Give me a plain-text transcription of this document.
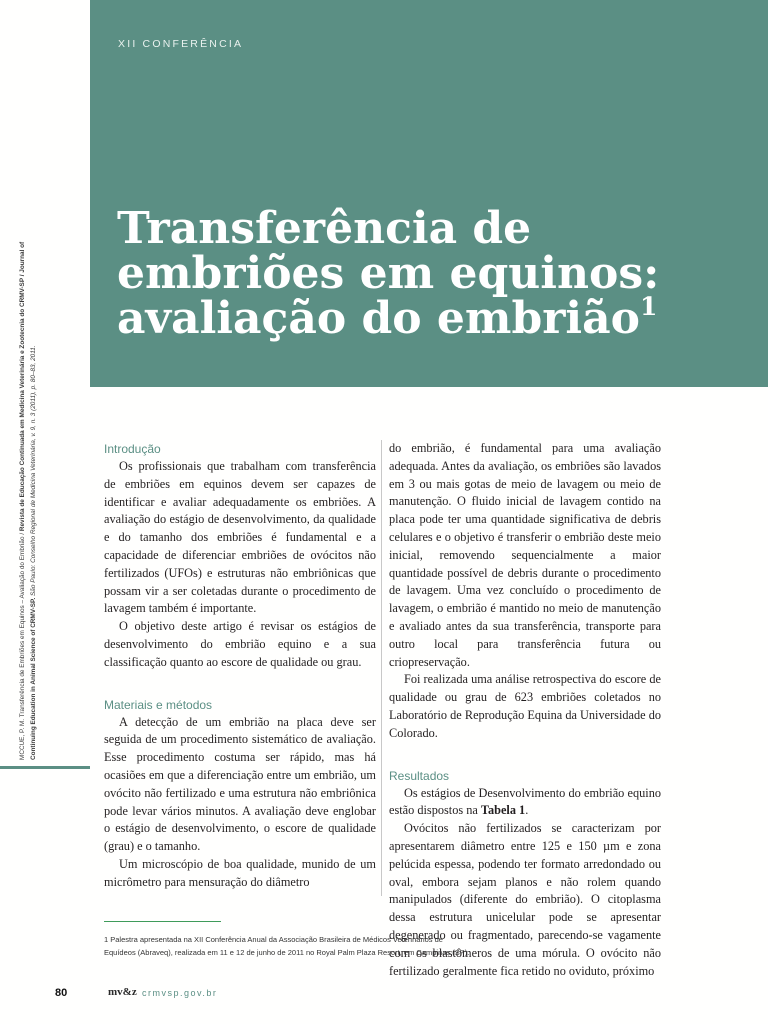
XII CONFERÊNCIA
Transferência de
embriões em equinos:
avaliação do embrião$^1$
MCCUE, P. M. Transferência de Embriões em Equinos – Avaliação do Embrião / Revista de Educação Continuada em Medicina Veterinária e Zootecnia do CRMV-SP / Journal of
Continuing Education in Animal Science of CRMV-SP. São Paulo: Conselho Regional de Medicina Veterinária, v. 9, n. 3 (2011), p. 80–83, 2011.	Introdução

Os profissionais que trabalham com transferência de embriões em equinos devem ser capazes de identificar e avaliar adequadamente os embriões. A avaliação do estágio de desenvolvimento, da qualidade e do tamanho dos embriões é fundamental e a capacidade de diferenciar embriões de ovócitos não fertilizados (UFOs) e estruturas não embriônicas que possam vir a ser coletadas durante o procedimento de lavagem também é importante.

O objetivo deste artigo é revisar os estágios de desenvolvimento do embrião equino e a sua classificação quanto ao escore de qualidade ou grau.

Materiais e métodos

A detecção de um embrião na placa deve ser seguida de um procedimento sistemático de avaliação. Esse procedimento costuma ser rápido, mas há ocasiões em que a diferenciação entre um embrião, um ovócito não fertilizado e uma estrutura não embriônica pode levar vários minutos. A avaliação deve englobar o estágio de desenvolvimento, o escore de qualidade (grau) e o tamanho.

Um microscópio de boa qualidade, munido de um micrômetro para mensuração do diâmetro

do embrião, é fundamental para uma avaliação adequada. Antes da avaliação, os embriões são lavados em 3 ou mais gotas de meio de lavagem ou meio de manutenção. O fluido inicial de lavagem contido na placa pode ter uma quantidade significativa de debris celulares e o objetivo é transferir o embrião deste meio inicial, removendo sequencialmente a maior quantidade possível de debris durante o procedimento de lavagem. Uma vez concluído o procedimento de lavagem, o embrião é mantido no meio de manutenção e avaliado antes da sua transferência, transporte para outro local para transferência futura ou criopreservação.

Foi realizada uma análise retrospectiva do escore de qualidade ou grau de 623 embriões coletados no Laboratório de Reprodução Equina da Universidade do Colorado.

Resultados

Os estágios de Desenvolvimento do embrião equino estão dispostos na Tabela 1.

Ovócitos não fertilizados se caracterizam por apresentarem diâmetro entre 125 e 150 µm e zona pelúcida espessa, podendo ter formato arredondado ou oval, embora sejam planos e não rolem quando manipulados (diferente do embrião). O citoplasma dessa estrutura unicelular pode se apresentar degenerado ou fragmentado, parecendo-se vagamente com os blastômeros de uma mórula. O ovócito não fertilizado geralmente fica retido no oviduto, próximo

1 Palestra apresentada na XII Conferência Anual da Associação Brasileira de Médicos Veterinários de
Equídeos (Abraveq), realizada em 11 e 12 de junho de 2011 no Royal Palm Plaza Resort, em Campinas (SP).
80	mv&z crmvsp.gov.br
